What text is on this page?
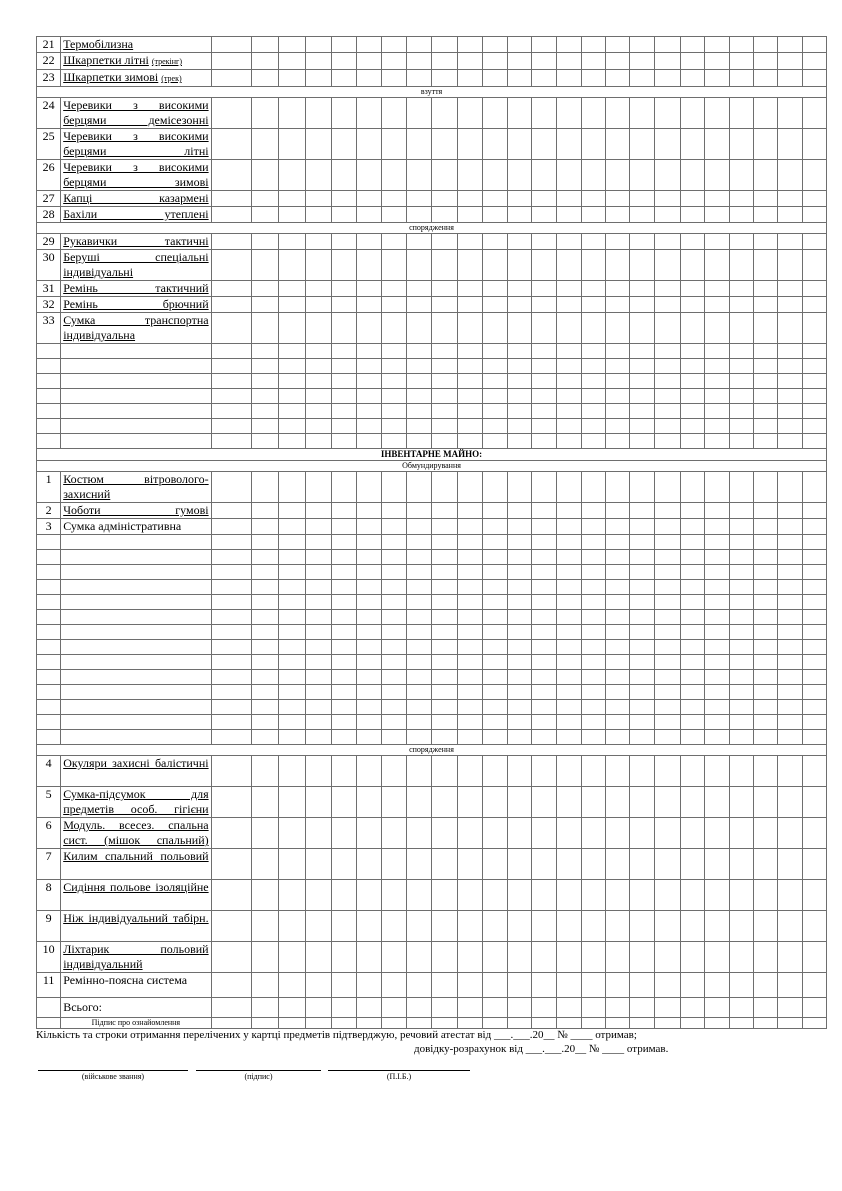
21	Термобілизна																								
22	Шкарпетки літні (трекінг)																								
23	Шкарпетки зимові (трек)																								
взуття																									
24	Черевики з високими берцями демісезонні																								
25	Черевики з високими берцями літні																								
26	Черевики з високими берцями зимові																								
27	Капці казармені																								
28	Бахіли утеплені																								
спорядження																									
29	Рукавички тактичні																								
30	Беруші спеціальні індивідуальні																								
31	Ремінь тактичний																								
32	Ремінь брючний																								
33	Сумка транспортна індивідуальна																								

ІНВЕНТАРНЕ МАЙНО:																									
Обмундирування																									
1	Костюм вітровологозахисний																								
2	Чоботи гумові																								
3	Сумка адміністративна																								

спорядження																									
4	Окуляри захисні балістичні																								
5	Сумка-підсумок для предметів особ. гігієни																								
6	Модуль. всесез. спальна сист. (мішок спальний)																								
7	Килим спальний польовий																								
8	Сидіння польове ізоляційне																								
9	Ніж індивідуальний табірн.																								
10	Ліхтарик польовий індивідуальний																								
11	Ремінно-поясна система																								
	Всього:																								
	Підпис про ознайомлення																								
Кількість та строки отримання перелічених у картці предметів підтверджую, речовий атестат від ___.___.20__ № ____ отримав;
довідку-розрахунок від ___.___.20__ № ____ отримав.
(військове звання)	(підпис)	(П.І.Б.)
